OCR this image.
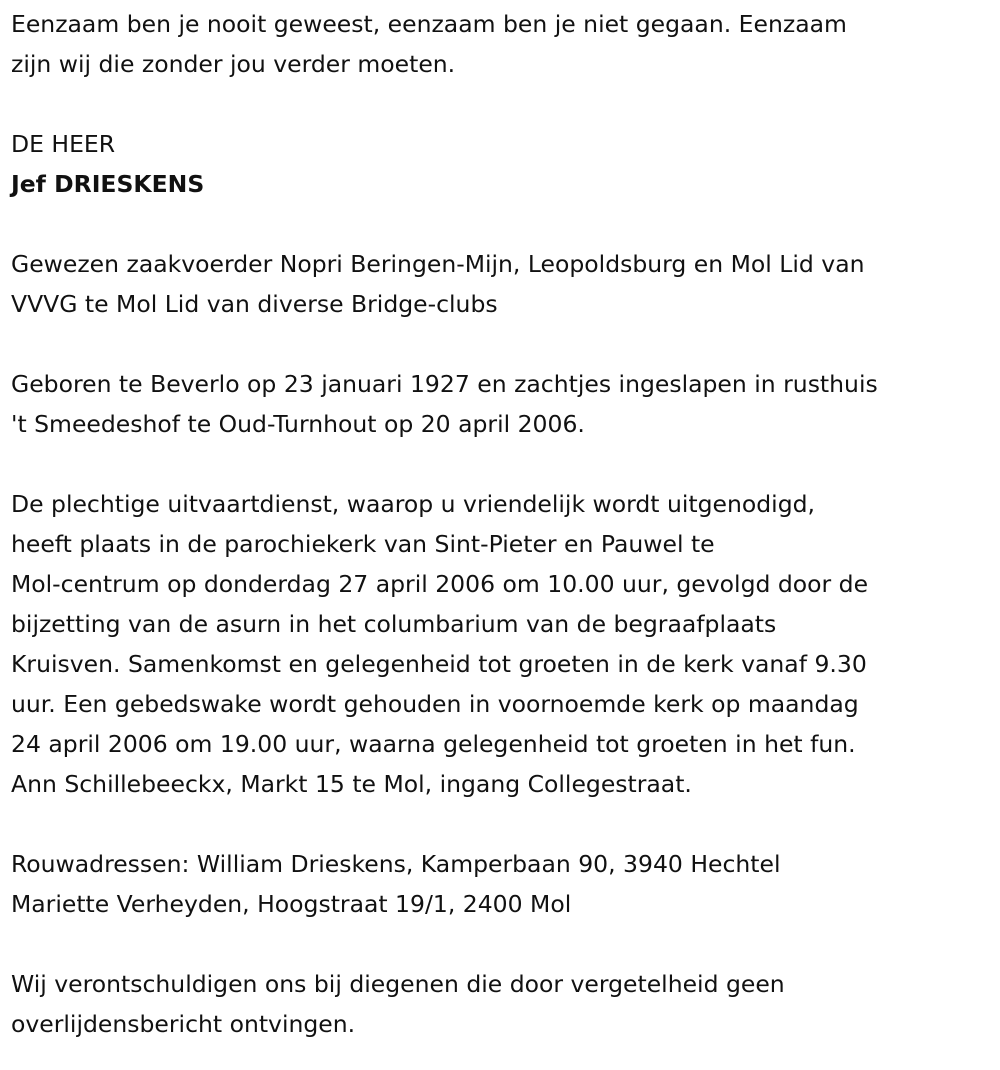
Eenzaam ben je nooit geweest, eenzaam ben je niet gegaan. Eenzaam
zijn wij die zonder jou verder moeten.

DE HEER

Jef DRIESKENS

Gewezen zaakvoerder Nopri Beringen-Mijn, Leopoldsburg en Mol Lid van
VVVG te Mol Lid van diverse Bridge-clubs

Geboren te Beverlo op 23 januari 1927 en zachtjes ingeslapen in rusthuis
't Smeedeshof te Oud-Turnhout op 20 april 2006.

De plechtige uitvaartdienst, waarop u vriendelijk wordt uitgenodigd,
heeft plaats in de parochiekerk van Sint-Pieter en Pauwel te
Mol-centrum op donderdag 27 april 2006 om 10.00 uur, gevolgd door de
bijzetting van de asurn in het columbarium van de begraafplaats
Kruisven. Samenkomst en gelegenheid tot groeten in de kerk vanaf 9.30
uur. Een gebedswake wordt gehouden in voornoemde kerk op maandag
24 april 2006 om 19.00 uur, waarna gelegenheid tot groeten in het fun.
Ann Schillebeeckx, Markt 15 te Mol, ingang Collegestraat.

Rouwadressen: William Drieskens, Kamperbaan 90, 3940 Hechtel
Mariette Verheyden, Hoogstraat 19/1, 2400 Mol

Wij verontschuldigen ons bij diegenen die door vergetelheid geen
overlijdensbericht ontvingen.
